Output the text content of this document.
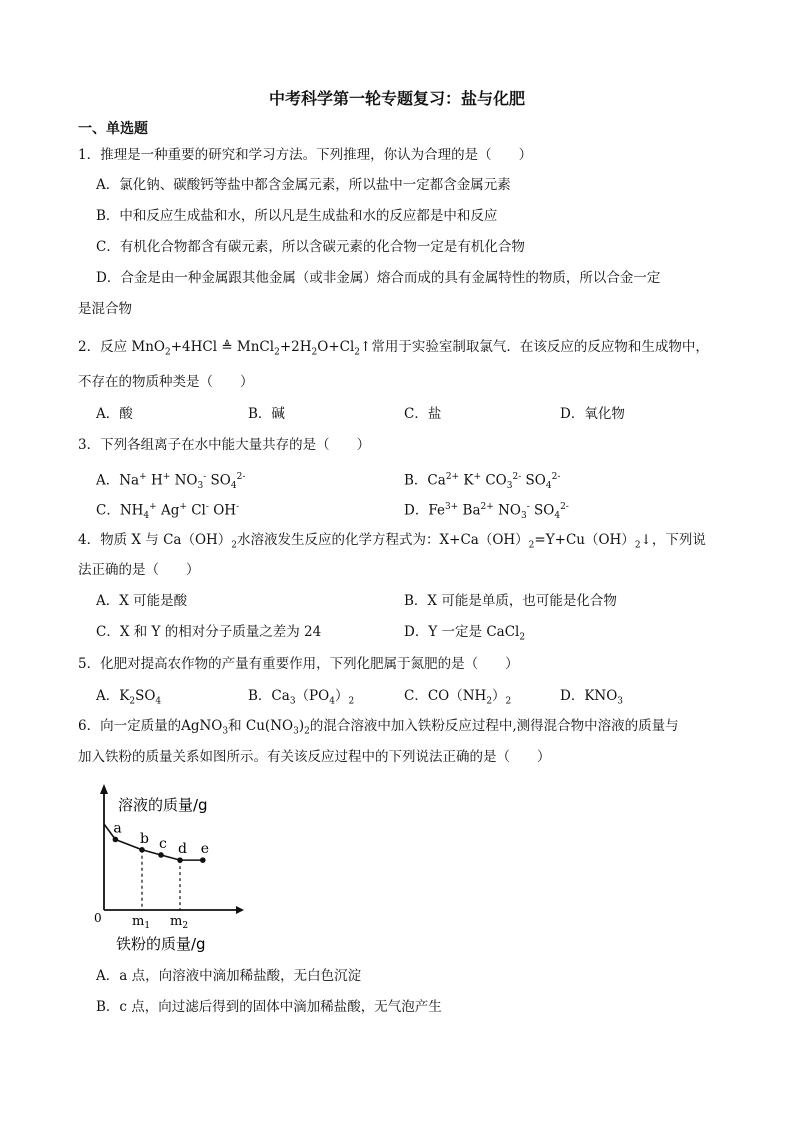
中考科学第一轮专题复习：盐与化肥
一、单选题
1．推理是一种重要的研究和学习方法。下列推理，你认为合理的是（　　）
A．氯化钠、碳酸钙等盐中都含金属元素，所以盐中一定都含金属元素
B．中和反应生成盐和水，所以凡是生成盐和水的反应都是中和反应
C．有机化合物都含有碳元素，所以含碳元素的化合物一定是有机化合物
D．合金是由一种金属跟其他金属（或非金属）熔合而成的具有金属特性的物质，所以合金一定
是混合物
2．反应 MnO$_2$+4HCl ≜ $MnCl_2+2H_2O+Cl_2↑$常用于实验室制取氯气．在该反应的反应物和生成物中，
不存在的物质种类是（　　）
A．酸	B．碱	C．盐	D．氧化物
3．下列各组离子在水中能大量共存的是（　　）
A．Na+ H+ $NO_3^-$ $SO_4^{2-}$	B．$Ca^{2+}$ K+ $CO_3^{2-}$ $SO_4^{2-}$
C．$NH_4^+$ Ag+ Cl- OH-	D．$Fe^{3+}$ $Ba^{2+}$ $NO_3^-$ $SO_4^{2-}$
4．物质 X 与 $Ca(OH)_2$水溶液发生反应的化学方程式为：$X+Ca(OH)_2=Y+Cu(OH)_2↓$，下列说
法正确的是（　　）
A．X 可能是酸	B．X 可能是单质，也可能是化合物
C．X 和 Y 的相对分子质量之差为 24	D．Y 一定是 CaCl$_2$
5．化肥对提高农作物的产量有重要作用，下列化肥属于氮肥的是（　　）
A．$K_2SO_4$	B．$Ca_3(PO_4)_2$	C．$CO(NH_2)_2$	D．$KNO_3$
6．向一定质量的AgNO$_3$和 $Cu(NO_3)_2$的混合溶液中加入铁粉反应过程中,测得混合物中溶液的质量与
加入铁粉的质量关系如图所示。有关该反应过程中的下列说法正确的是（　　）
溶液的质量/g
0
铁粉的质量/g
a
b c d e
$m_1$ $m_2$
A．a 点，向溶液中滴加稀盐酸，无白色沉淀
B．c 点，向过滤后得到的固体中滴加稀盐酸，无气泡产生
